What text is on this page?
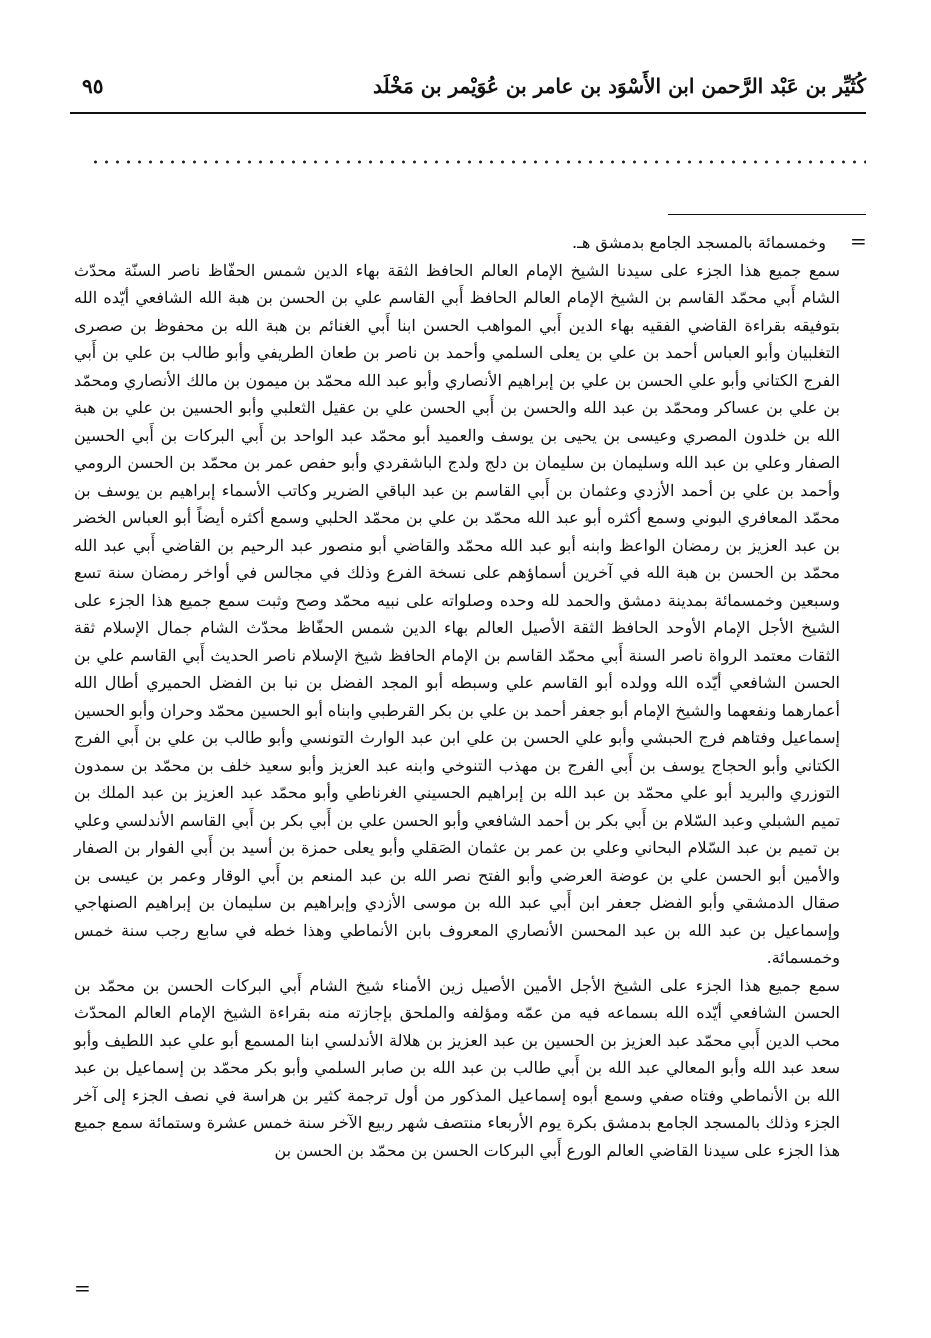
كُثَيِّر بن عَبْد الرَّحمن ابن الأَسْوَد بن عامر بن عُوَيْمر بن مَخْلَد
٩٥
=

وخمسمائة بالمسجد الجامع بدمشق هـ.

سمع جميع هذا الجزء على سيدنا الشيخ الإمام العالم الحافظ الثقة بهاء الدين شمس الحفّاظ ناصر السنّة محدّث الشام أَبي محمّد القاسم بن الشيخ الإمام العالم الحافظ أَبي القاسم علي بن الحسن بن هبة الله الشافعي أيّده الله بتوفيقه بقراءة القاضي الفقيه بهاء الدين أَبي المواهب الحسن ابنا أَبي الغنائم بن هبة الله بن محفوظ بن صصرى التغلبيان وأبو العباس أحمد بن علي بن يعلى السلمي وأحمد بن ناصر بن طعان الطريفي وأبو طالب بن علي بن أَبي الفرج الكتاني وأبو علي الحسن بن علي بن إبراهيم الأنصاري وأبو عبد الله محمّد بن ميمون بن مالك الأنصاري ومحمّد بن علي بن عساكر ومحمّد بن عبد الله والحسن بن أَبي الحسن علي بن عقيل الثعلبي وأبو الحسين بن علي بن هبة الله بن خلدون المصري وعيسى بن يحيى بن يوسف والعميد أبو محمّد عبد الواحد بن أَبي البركات بن أَبي الحسين الصفار وعلي بن عبد الله وسليمان بن سليمان بن دلج ولدج الباشقردي وأبو حفص عمر بن محمّد بن الحسن الرومي وأحمد بن علي بن أحمد الأزدي وعثمان بن أَبي القاسم بن عبد الباقي الضرير وكاتب الأسماء إبراهيم بن يوسف بن محمّد المعافري البوني وسمع أكثره أبو عبد الله محمّد بن علي بن محمّد الحلبي وسمع أكثره أيضاً أبو العباس الخضر بن عبد العزيز بن رمضان الواعظ وابنه أبو عبد الله محمّد والقاضي أبو منصور عبد الرحيم بن القاضي أَبي عبد الله محمّد بن الحسن بن هبة الله في آخرين أسماؤهم على نسخة الفرع وذلك في مجالس في أواخر رمضان سنة تسع وسبعين وخمسمائة بمدينة دمشق والحمد لله وحده وصلواته على نبيه محمّد وصح وثبت سمع جميع هذا الجزء على الشيخ الأجل الإمام الأوحد الحافظ الثقة الأصيل العالم بهاء الدين شمس الحفّاظ محدّث الشام جمال الإسلام ثقة الثقات معتمد الرواة ناصر السنة أَبي محمّد القاسم بن الإمام الحافظ شيخ الإسلام ناصر الحديث أَبي القاسم علي بن الحسن الشافعي أيّده الله وولده أبو القاسم علي وسبطه أبو المجد الفضل بن نبا بن الفضل الحميري أطال الله أعمارهما ونفعهما والشيخ الإمام أبو جعفر أحمد بن علي بن بكر القرطبي وابناه أبو الحسين محمّد وحران وأبو الحسين إسماعيل وفتاهم فرج الحبشي وأبو علي الحسن بن علي ابن عبد الوارث التونسي وأبو طالب بن علي بن أَبي الفرج الكتاني وأبو الحجاج يوسف بن أَبي الفرج بن مهذب التنوخي وابنه عبد العزيز وأبو سعيد خلف بن محمّد بن سمدون التوزري والبريد أبو علي محمّد بن عبد الله بن إبراهيم الحسيني الغرناطي وأبو محمّد عبد العزيز بن عبد الملك بن تميم الشبلي وعبد السّلام بن أَبي بكر بن أحمد الشافعي وأبو الحسن علي بن أَبي بكر بن أَبي القاسم الأندلسي وعلي بن تميم بن عبد السّلام البحاني وعلي بن عمر بن عثمان الصَقلي وأبو يعلى حمزة بن أسيد بن أَبي الفوار بن الصفار والأمين أبو الحسن علي بن عوضة العرضي وأبو الفتح نصر الله بن عبد المنعم بن أَبي الوقار وعمر بن عيسى بن صقال الدمشقي وأبو الفضل جعفر ابن أَبي عبد الله بن موسى الأزدي وإبراهيم بن سليمان بن إبراهيم الصنهاجي وإسماعيل بن عبد الله بن عبد المحسن الأنصاري المعروف بابن الأنماطي وهذا خطه في سابع رجب سنة خمس وخمسمائة.

سمع جميع هذا الجزء على الشيخ الأجل الأمين الأصيل زين الأمناء شيخ الشام أَبي البركات الحسن بن محمّد بن الحسن الشافعي أيّده الله بسماعه فيه من عمّه ومؤلفه والملحق بإجازته منه بقراءة الشيخ الإمام العالم المحدّث محب الدين أَبي محمّد عبد العزيز بن الحسين بن عبد العزيز بن هلالة الأندلسي ابنا المسمع أبو علي عبد اللطيف وأبو سعد عبد الله وأبو المعالي عبد الله بن أَبي طالب بن عبد الله بن صابر السلمي وأبو بكر محمّد بن إسماعيل بن عبد الله بن الأنماطي وفتاه صفي وسمع أبوه إسماعيل المذكور من أول ترجمة كثير بن هراسة في نصف الجزء إلى آخر الجزء وذلك بالمسجد الجامع بدمشق بكرة يوم الأربعاء منتصف شهر ربيع الآخر سنة خمس عشرة وستمائة سمع جميع هذا الجزء على سيدنا القاضي العالم الورع أَبي البركات الحسن بن محمّد بن الحسن بن

=
